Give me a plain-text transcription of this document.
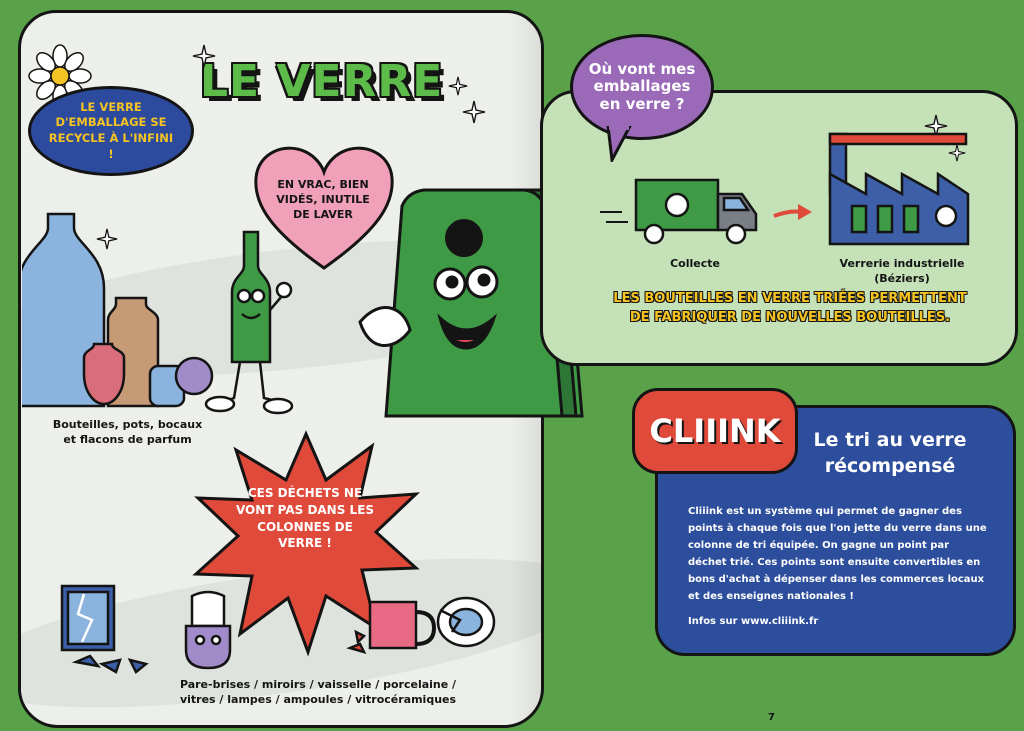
LE VERRE D'EMBALLAGE SE RECYCLE À L'INFINI !
LE VERRE
EN VRAC, BIEN VIDÉS, INUTILE DE LAVER
Bouteilles, pots, bocaux
et flacons de parfum
CES DÉCHETS NE VONT PAS DANS LES COLONNES DE VERRE !
Pare-brises / miroirs / vaisselle / porcelaine /
vitres / lampes / ampoules / vitrocéramiques
Où vont mes emballages en verre ?
Collecte	Verrerie industrielle (Béziers)
LES BOUTEILLES EN VERRE TRIÉES PERMETTENT
DE FABRIQUER DE NOUVELLES BOUTEILLES.
CLIIINK	Le tri au verre récompensé
Cliiink est un système qui permet de gagner des points à chaque fois que l'on jette du verre dans une colonne de tri équipée. On gagne un point par déchet trié. Ces points sont ensuite convertibles en bons d'achat à dépenser dans les commerces locaux et des enseignes nationales !
Infos sur www.cliiink.fr
7
